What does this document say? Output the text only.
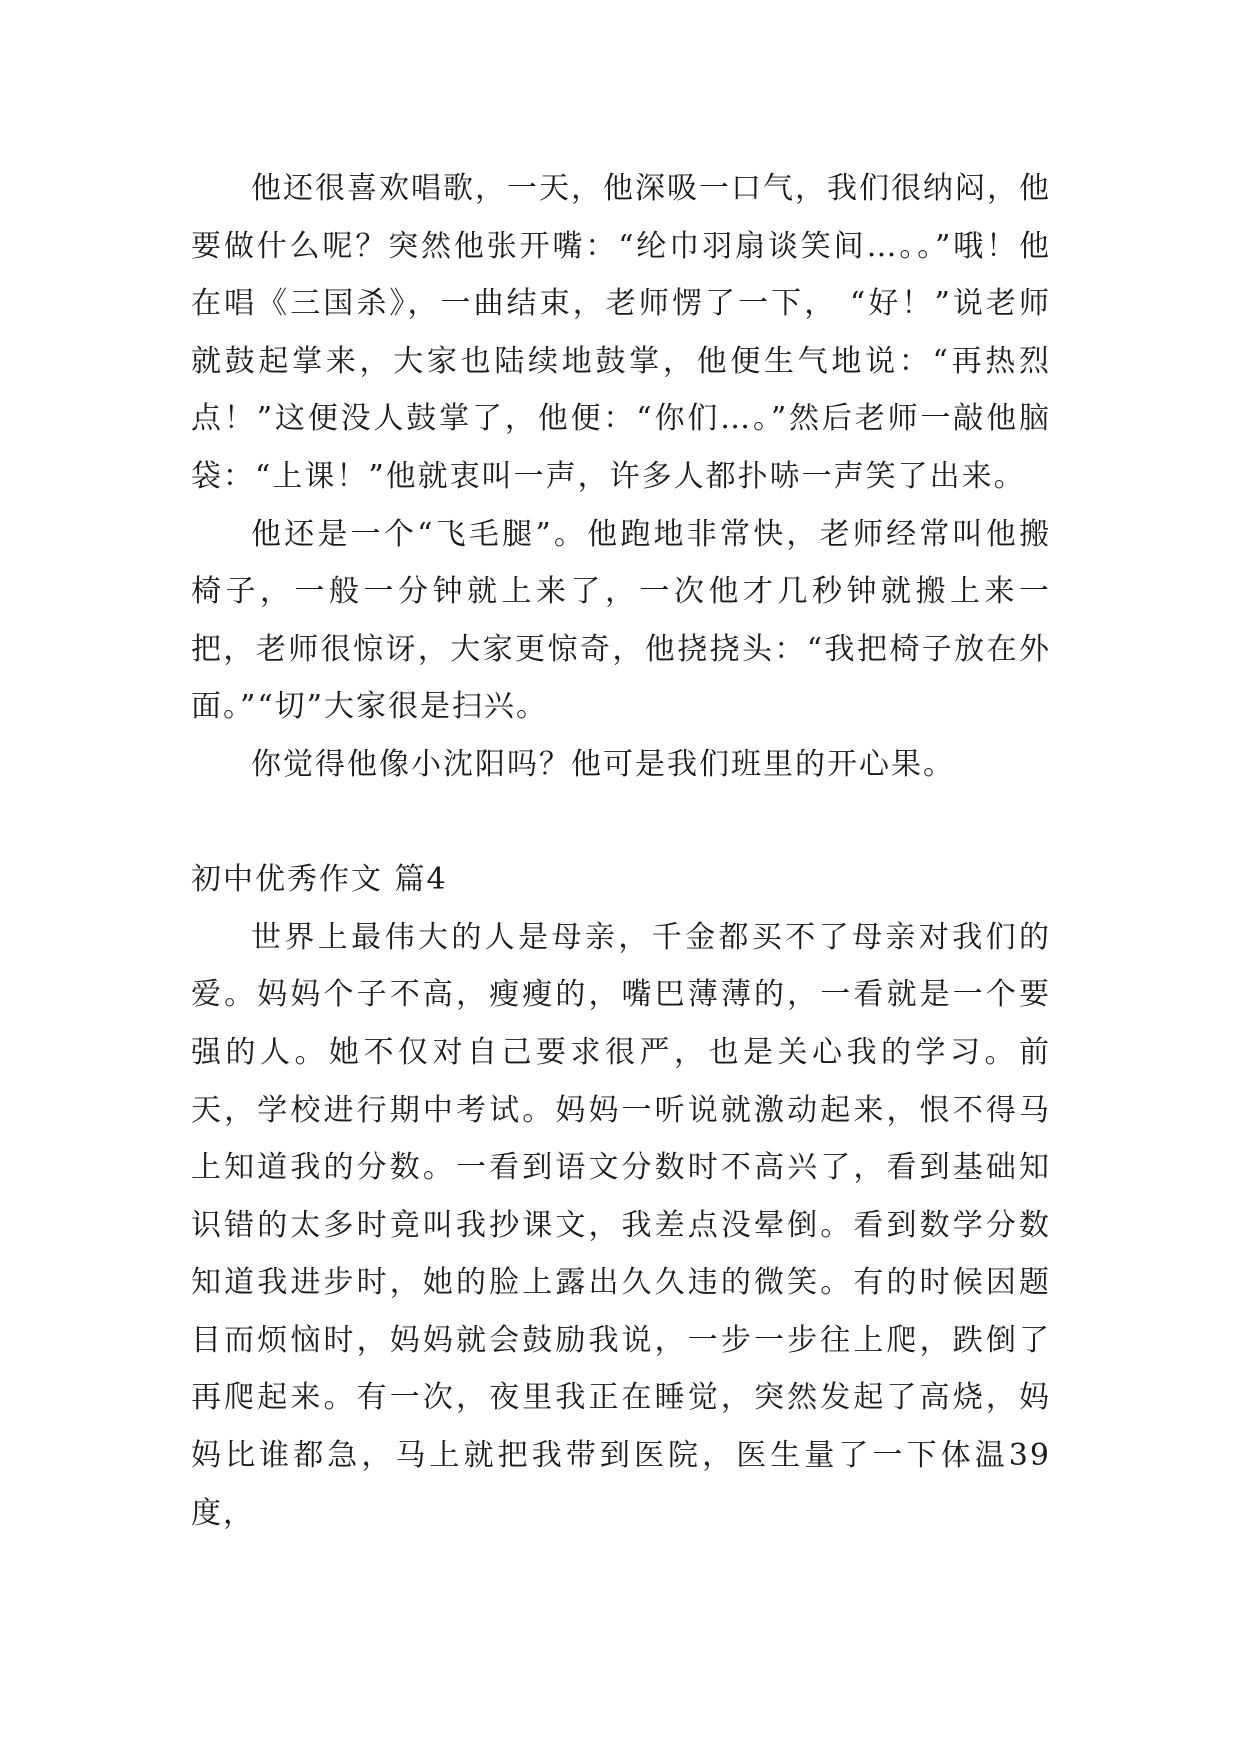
他还很喜欢唱歌，一天，他深吸一口气，我们很纳闷，他要做什么呢？突然他张开嘴：“纶巾羽扇谈笑间…。。”哦！他在唱《三国杀》，一曲结束，老师愣了一下， “好！”说老师就鼓起掌来，大家也陆续地鼓掌，他便生气地说：“再热烈点！”这便没人鼓掌了，他便：“你们…。”然后老师一敲他脑袋：“上课！”他就衷叫一声，许多人都扑哧一声笑了出来。

他还是一个“飞毛腿”。他跑地非常快，老师经常叫他搬椅子，一般一分钟就上来了，一次他才几秒钟就搬上来一把，老师很惊讶，大家更惊奇，他挠挠头：“我把椅子放在外面。”“切”大家很是扫兴。

你觉得他像小沈阳吗？他可是我们班里的开心果。

初中优秀作文 篇4

世界上最伟大的人是母亲，千金都买不了母亲对我们的爱。妈妈个子不高，瘦瘦的，嘴巴薄薄的，一看就是一个要强的人。她不仅对自己要求很严，也是关心我的学习。前天，学校进行期中考试。妈妈一听说就激动起来，恨不得马上知道我的分数。一看到语文分数时不高兴了，看到基础知识错的太多时竟叫我抄课文，我差点没晕倒。看到数学分数知道我进步时，她的脸上露出久久违的微笑。有的时候因题目而烦恼时，妈妈就会鼓励我说，一步一步往上爬，跌倒了再爬起来。有一次，夜里我正在睡觉，突然发起了高烧，妈妈比谁都急，马上就把我带到医院，医生量了一下体温39度，
